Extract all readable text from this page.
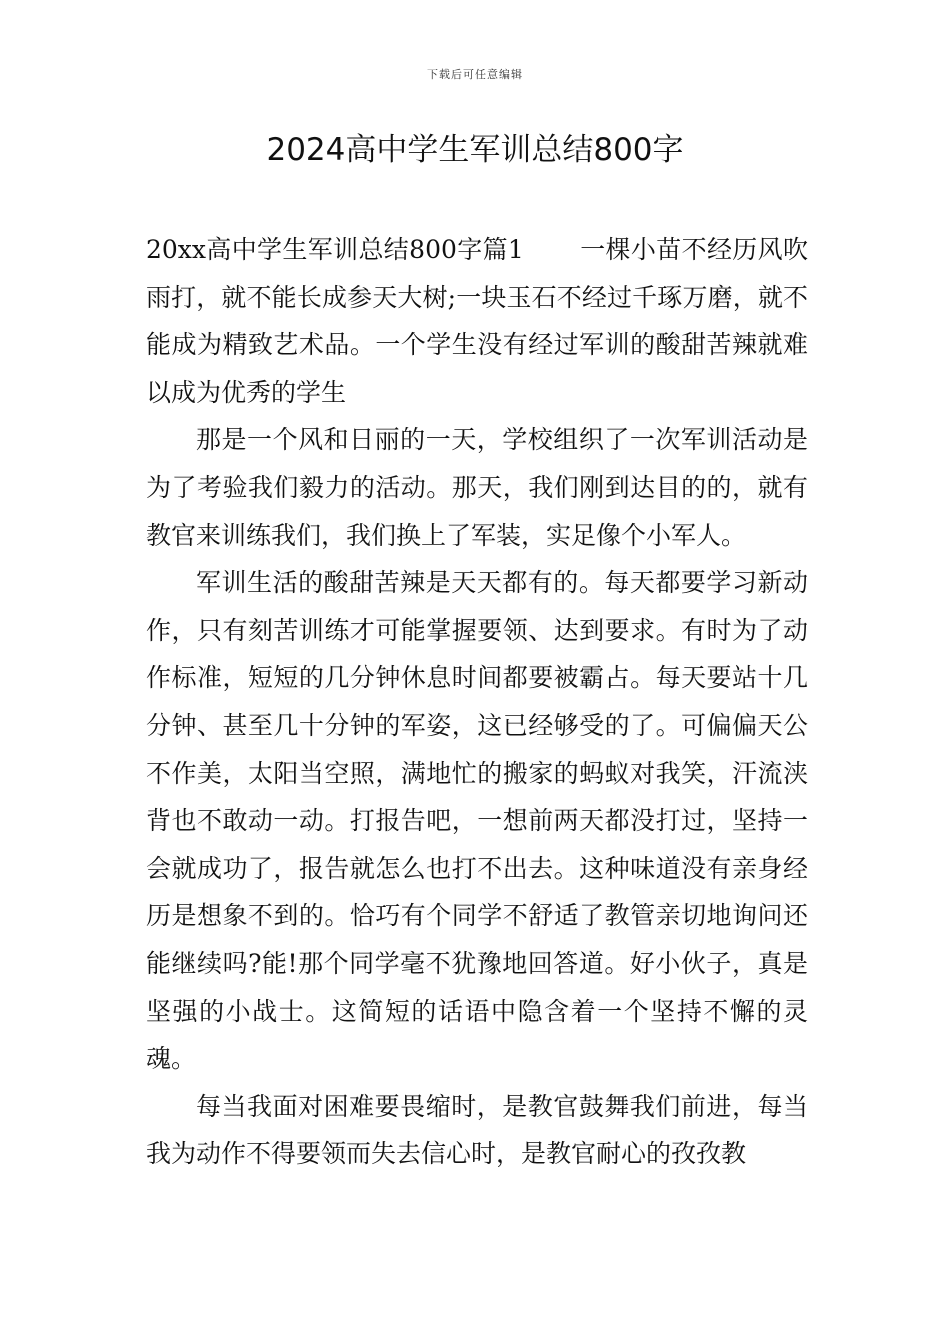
下载后可任意编辑
2024高中学生军训总结800字

20xx高中学生军训总结800字篇1 一棵小苗不经历风吹雨打，就不能长成参天大树;一块玉石不经过千琢万磨，就不能成为精致艺术品。一个学生没有经过军训的酸甜苦辣就难以成为优秀的学生

那是一个风和日丽的一天，学校组织了一次军训活动是为了考验我们毅力的活动。那天，我们刚到达目的的，就有教官来训练我们，我们换上了军装，实足像个小军人。

军训生活的酸甜苦辣是天天都有的。每天都要学习新动作，只有刻苦训练才可能掌握要领、达到要求。有时为了动作标准，短短的几分钟休息时间都要被霸占。每天要站十几分钟、甚至几十分钟的军姿，这已经够受的了。可偏偏天公不作美，太阳当空照，满地忙的搬家的蚂蚁对我笑，汗流浃背也不敢动一动。打报告吧，一想前两天都没打过，坚持一会就成功了，报告就怎么也打不出去。这种味道没有亲身经历是想象不到的。恰巧有个同学不舒适了教管亲切地询问还能继续吗?能!那个同学毫不犹豫地回答道。好小伙子，真是坚强的小战士。这简短的话语中隐含着一个坚持不懈的灵魂。

每当我面对困难要畏缩时，是教官鼓舞我们前进，每当我为动作不得要领而失去信心时，是教官耐心的孜孜教
